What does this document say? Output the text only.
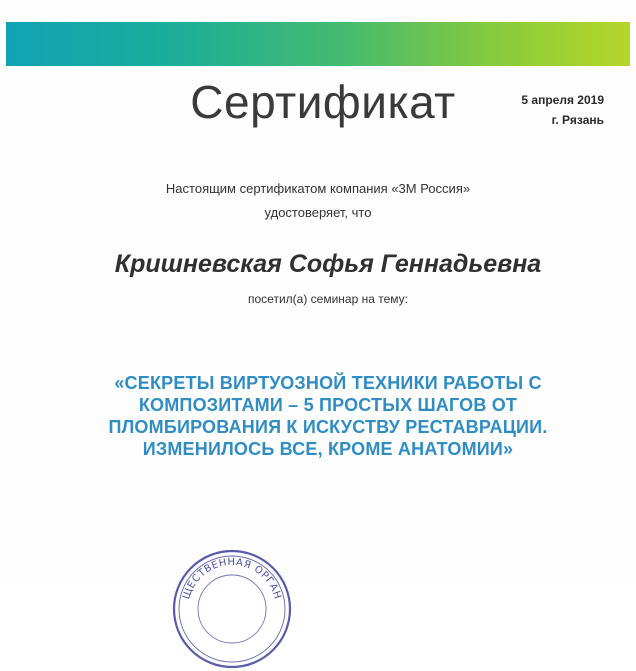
Сертификат	5 апреля 2019
г. Рязань
Настоящим сертификатом компания «3М Россия»
удостоверяет, что
Кришневская Софья Геннадьевна
посетил(а) семинар на тему:
«СЕКРЕТЫ ВИРТУОЗНОЙ ТЕХНИКИ РАБОТЫ С
КОМПОЗИТАМИ – 5 ПРОСТЫХ ШАГОВ ОТ
ПЛОМБИРОВАНИЯ К ИСКУСТВУ РЕСТАВРАЦИИ.
ИЗМЕНИЛОСЬ ВСЕ, КРОМЕ АНАТОМИИ»
ЩЕСТВЕННАЯ ОРГАН
